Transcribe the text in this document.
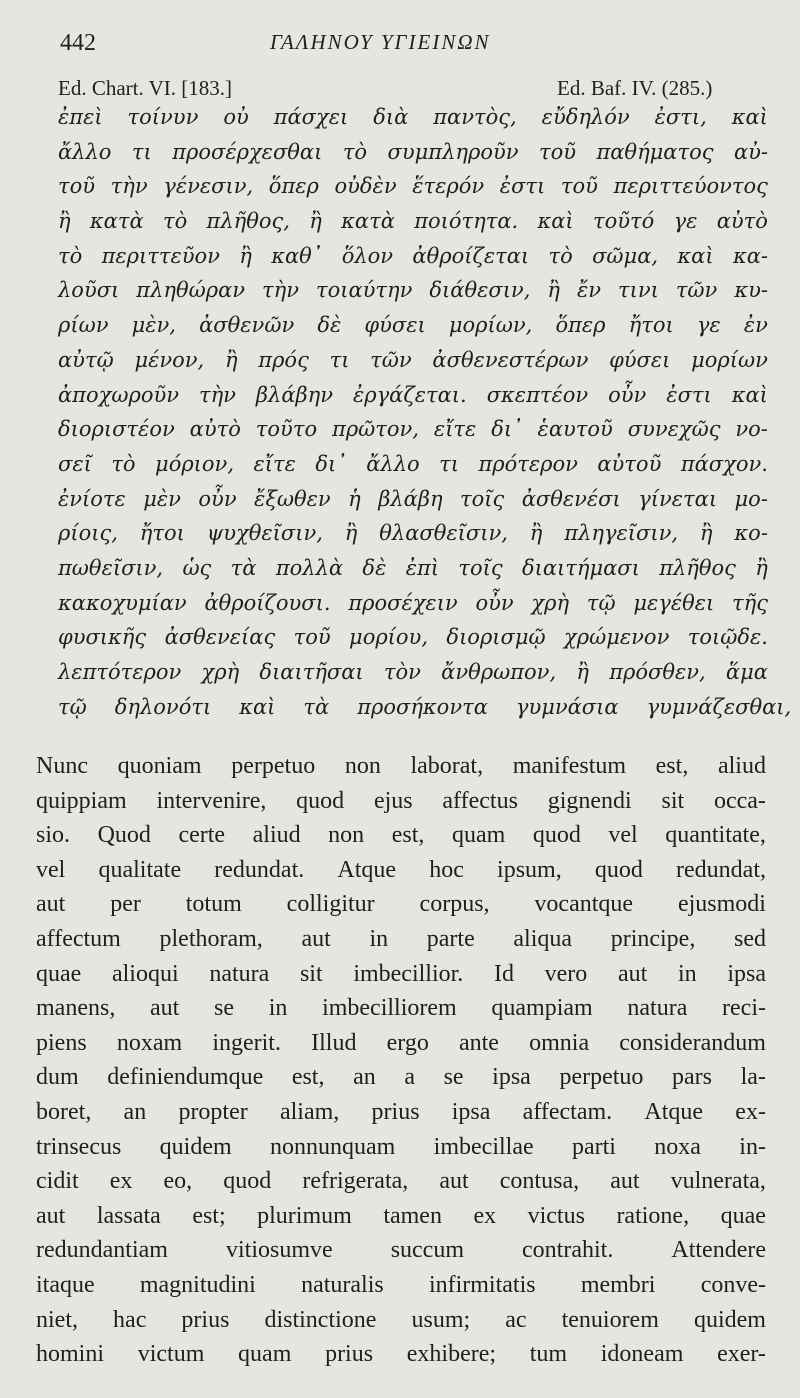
442	ΓΑΛΗΝΟΥ ΥΓΙΕΙΝΩΝ
Ed. Chart. VI. [183.]	Ed. Baf. IV. (285.)
ἐπεὶ τοίνυν οὐ πάσχει διὰ παντὸς, εὔδηλόν ἐστι, καὶ
ἄλλο τι προσέρχεσθαι τὸ συμπληροῦν τοῦ παθήματος αὐ-
τοῦ τὴν γένεσιν, ὅπερ οὐδὲν ἕτερόν ἐστι τοῦ περιττεύοντος
ἢ κατὰ τὸ πλῆθος, ἢ κατὰ ποιότητα. καὶ τοῦτό γε αὐτὸ
τὸ περιττεῦον ἢ καθ᾽ ὅλον ἀθροίζεται τὸ σῶμα, καὶ κα-
λοῦσι πληθώραν τὴν τοιαύτην διάθεσιν, ἢ ἔν τινι τῶν κυ-
ρίων μὲν, ἀσθενῶν δὲ φύσει μορίων, ὅπερ ἤτοι γε ἐν
αὐτῷ μένον, ἢ πρός τι τῶν ἀσθενεστέρων φύσει μορίων
ἀποχωροῦν τὴν βλάβην ἐργάζεται. σκεπτέον οὖν ἐστι καὶ
διοριστέον αὐτὸ τοῦτο πρῶτον, εἴτε δι᾽ ἑαυτοῦ συνεχῶς νο-
σεῖ τὸ μόριον, εἴτε δι᾽ ἄλλο τι πρότερον αὐτοῦ πάσχον.
ἐνίοτε μὲν οὖν ἔξωθεν ἡ βλάβη τοῖς ἀσθενέσι γίνεται μο-
ρίοις, ἤτοι ψυχθεῖσιν, ἢ θλασθεῖσιν, ἢ πληγεῖσιν, ἢ κο-
πωθεῖσιν, ὡς τὰ πολλὰ δὲ ἐπὶ τοῖς διαιτήμασι πλῆθος ἢ
κακοχυμίαν ἀθροίζουσι. προσέχειν οὖν χρὴ τῷ μεγέθει τῆς
φυσικῆς ἀσθενείας τοῦ μορίου, διορισμῷ χρώμενον τοιῷδε.
λεπτότερον χρὴ διαιτῆσαι τὸν ἄνθρωπον, ἢ πρόσθεν, ἅμα
τῷ δηλονότι καὶ τὰ προσήκοντα γυμνάσια γυμνάζεσθαι,
Nunc quoniam perpetuo non laborat, manifestum est, aliud
quippiam intervenire, quod ejus affectus gignendi sit occa-
sio. Quod certe aliud non est, quam quod vel quantitate,
vel qualitate redundat. Atque hoc ipsum, quod redundat,
aut per totum colligitur corpus, vocantque ejusmodi
affectum plethoram, aut in parte aliqua principe, sed
quae alioqui natura sit imbecillior. Id vero aut in ipsa
manens, aut se in imbecilliorem quampiam natura reci-
piens noxam ingerit. Illud ergo ante omnia considerandum
dum definiendumque est, an a se ipsa perpetuo pars la-
boret, an propter aliam, prius ipsa affectam. Atque ex-
trinsecus quidem nonnunquam imbecillae parti noxa in-
cidit ex eo, quod refrigerata, aut contusa, aut vulnerata,
aut lassata est; plurimum tamen ex victus ratione, quae
redundantiam vitiosumve succum contrahit. Attendere
itaque magnitudini naturalis infirmitatis membri conve-
niet, hac prius distinctione usum; ac tenuiorem quidem
homini victum quam prius exhibere; tum idoneam exer-
